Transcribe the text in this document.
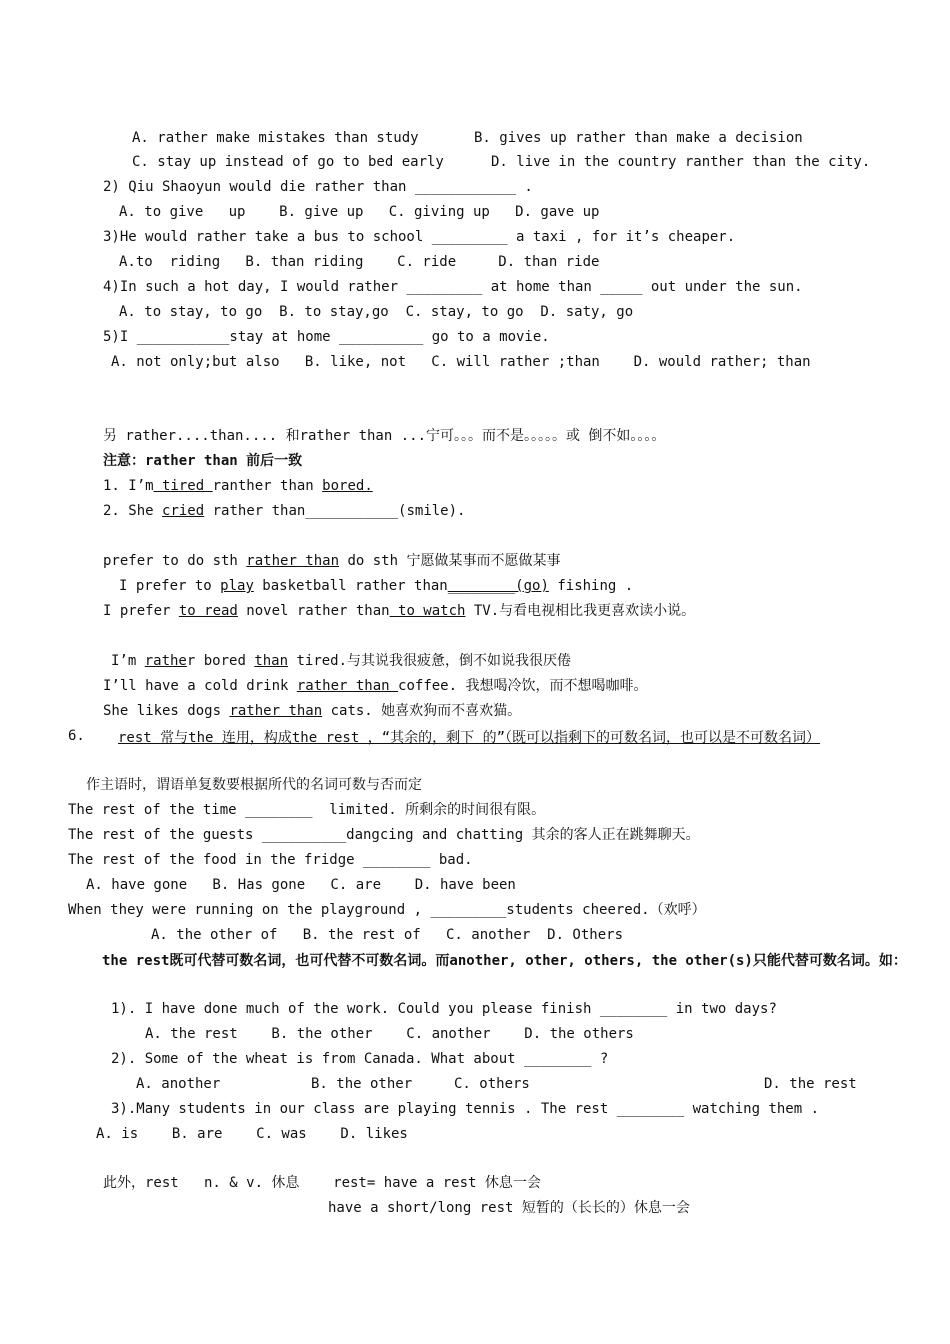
A. rather make mistakes than study	B. gives up rather than make a decision
C. stay up instead of go to bed early	D. live in the country ranther than the city.
2) Qiu Shaoyun would die rather than ____________ .
A. to give   up    B. give up   C. giving up   D. gave up
3)He would rather take a bus to school _________ a taxi , for it’s cheaper.
A.to  riding   B. than riding    C. ride     D. than ride
4)In such a hot day, I would rather _________ at home than _____ out under the sun.
A. to stay, to go  B. to stay,go  C. stay, to go  D. saty, go
5)I ___________stay at home __________ go to a movie.
A. not only;but also   B. like, not   C. will rather ;than    D. would rather; than
另 rather....than.... 和rather than ...宁可。。。而不是。。。。。或 倒不如。。。。
注意：rather than 前后一致
1. I’m tired ranther than bored.
2. She cried rather than___________(smile).
prefer to do sth rather than do sth 宁愿做某事而不愿做某事
I prefer to play basketball rather than________(go) fishing .
I prefer to read novel rather than to watch TV.与看电视相比我更喜欢读小说。
I’m rather bored than tired.与其说我很疲惫，倒不如说我很厌倦
I’ll have a cold drink rather than coffee. 我想喝冷饮，而不想喝咖啡。
She likes dogs rather than cats. 她喜欢狗而不喜欢猫。
6.	rest 常与the 连用，构成the rest ，“其余的，剩下 的”（既可以指剩下的可数名词，也可以是不可数名词）
作主语时，谓语单复数要根据所代的名词可数与否而定
The rest of the time ________  limited. 所剩余的时间很有限。
The rest of the guests __________dangcing and chatting 其余的客人正在跳舞聊天。
The rest of the food in the fridge ________ bad.
A. have gone   B. Has gone   C. are    D. have been
When they were running on the playground , _________students cheered.（欢呼）
A. the other of   B. the rest of   C. another  D. Others
the rest既可代替可数名词，也可代替不可数名词。而another, other, others, the other(s)只能代替可数名词。如：
1). I have done much of the work. Could you please finish ________ in two days?
A. the rest    B. the other    C. another    D. the others
2). Some of the wheat is from Canada. What about ________ ?
A. another	B. the other	C. others	D. the rest
3).Many students in our class are playing tennis . The rest ________ watching them .
A. is    B. are    C. was    D. likes
此外，rest   n. & v. 休息    rest= have a rest 休息一会
have a short/long rest 短暂的（长长的）休息一会
